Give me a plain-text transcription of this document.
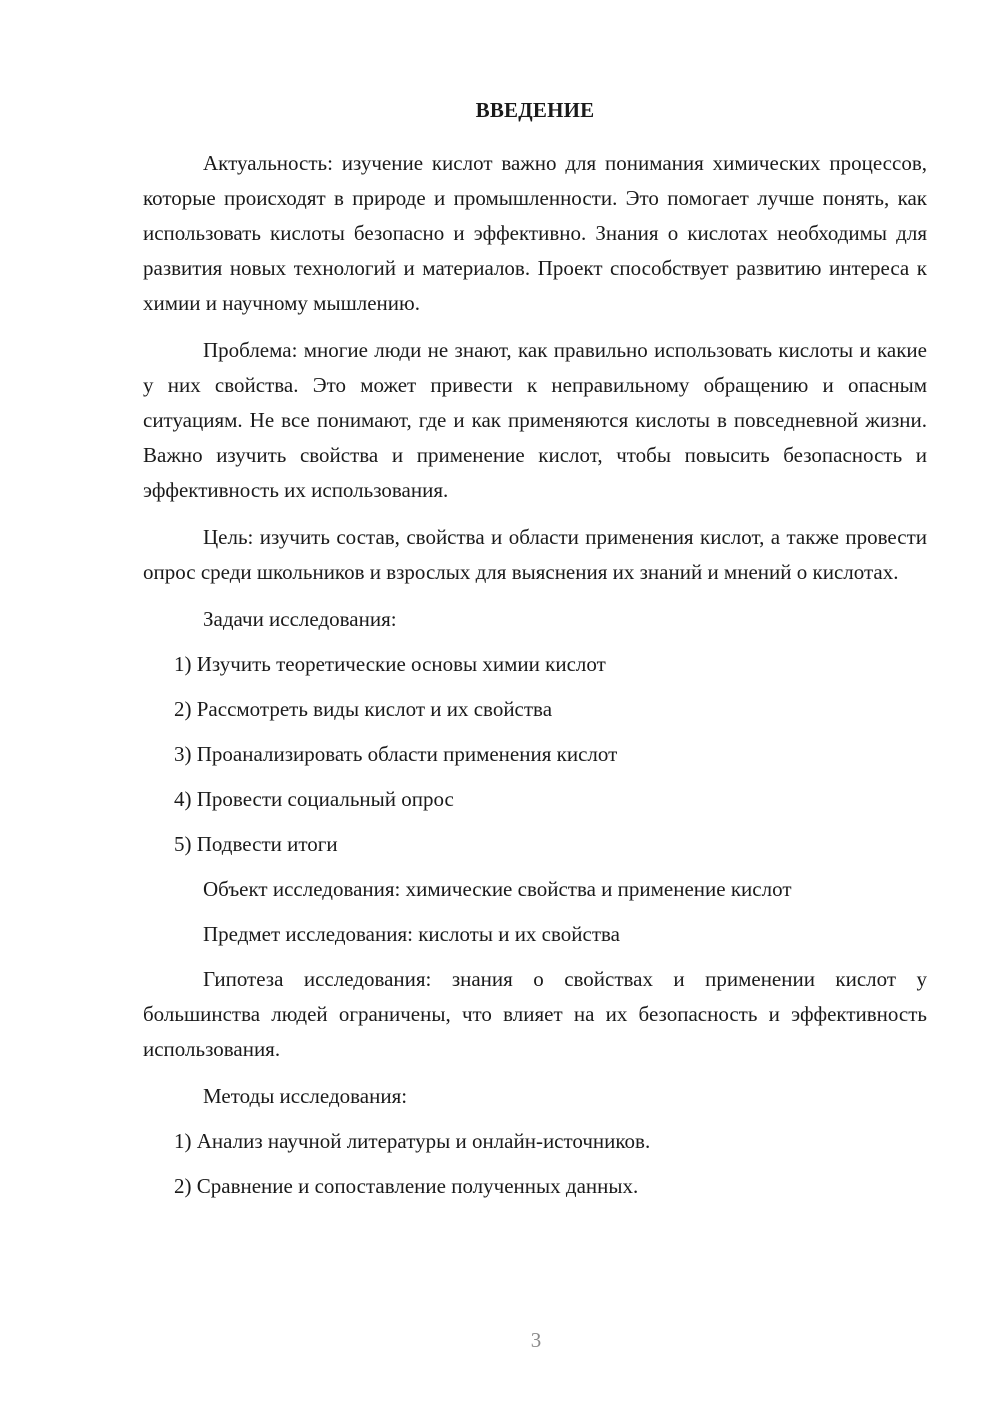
ВВЕДЕНИЕ

Актуальность: изучение кислот важно для понимания химических процессов, которые происходят в природе и промышленности. Это помогает лучше понять, как использовать кислоты безопасно и эффективно. Знания о кислотах необходимы для развития новых технологий и материалов. Проект способствует развитию интереса к химии и научному мышлению.

Проблема: многие люди не знают, как правильно использовать кислоты и какие у них свойства. Это может привести к неправильному обращению и опасным ситуациям. Не все понимают, где и как применяются кислоты в повседневной жизни. Важно изучить свойства и применение кислот, чтобы повысить безопасность и эффективность их использования.

Цель: изучить состав, свойства и области применения кислот, а также провести опрос среди школьников и взрослых для выяснения их знаний и мнений о кислотах.

Задачи исследования:

1) Изучить теоретические основы химии кислот

2) Рассмотреть виды кислот и их свойства

3) Проанализировать области применения кислот

4) Провести социальный опрос

5) Подвести итоги

Объект исследования: химические свойства и применение кислот

Предмет исследования: кислоты и их свойства

Гипотеза исследования: знания о свойствах и применении кислот у большинства людей ограничены, что влияет на их безопасность и эффективность использования.

Методы исследования:

1) Анализ научной литературы и онлайн-источников.

2) Сравнение и сопоставление полученных данных.

3
